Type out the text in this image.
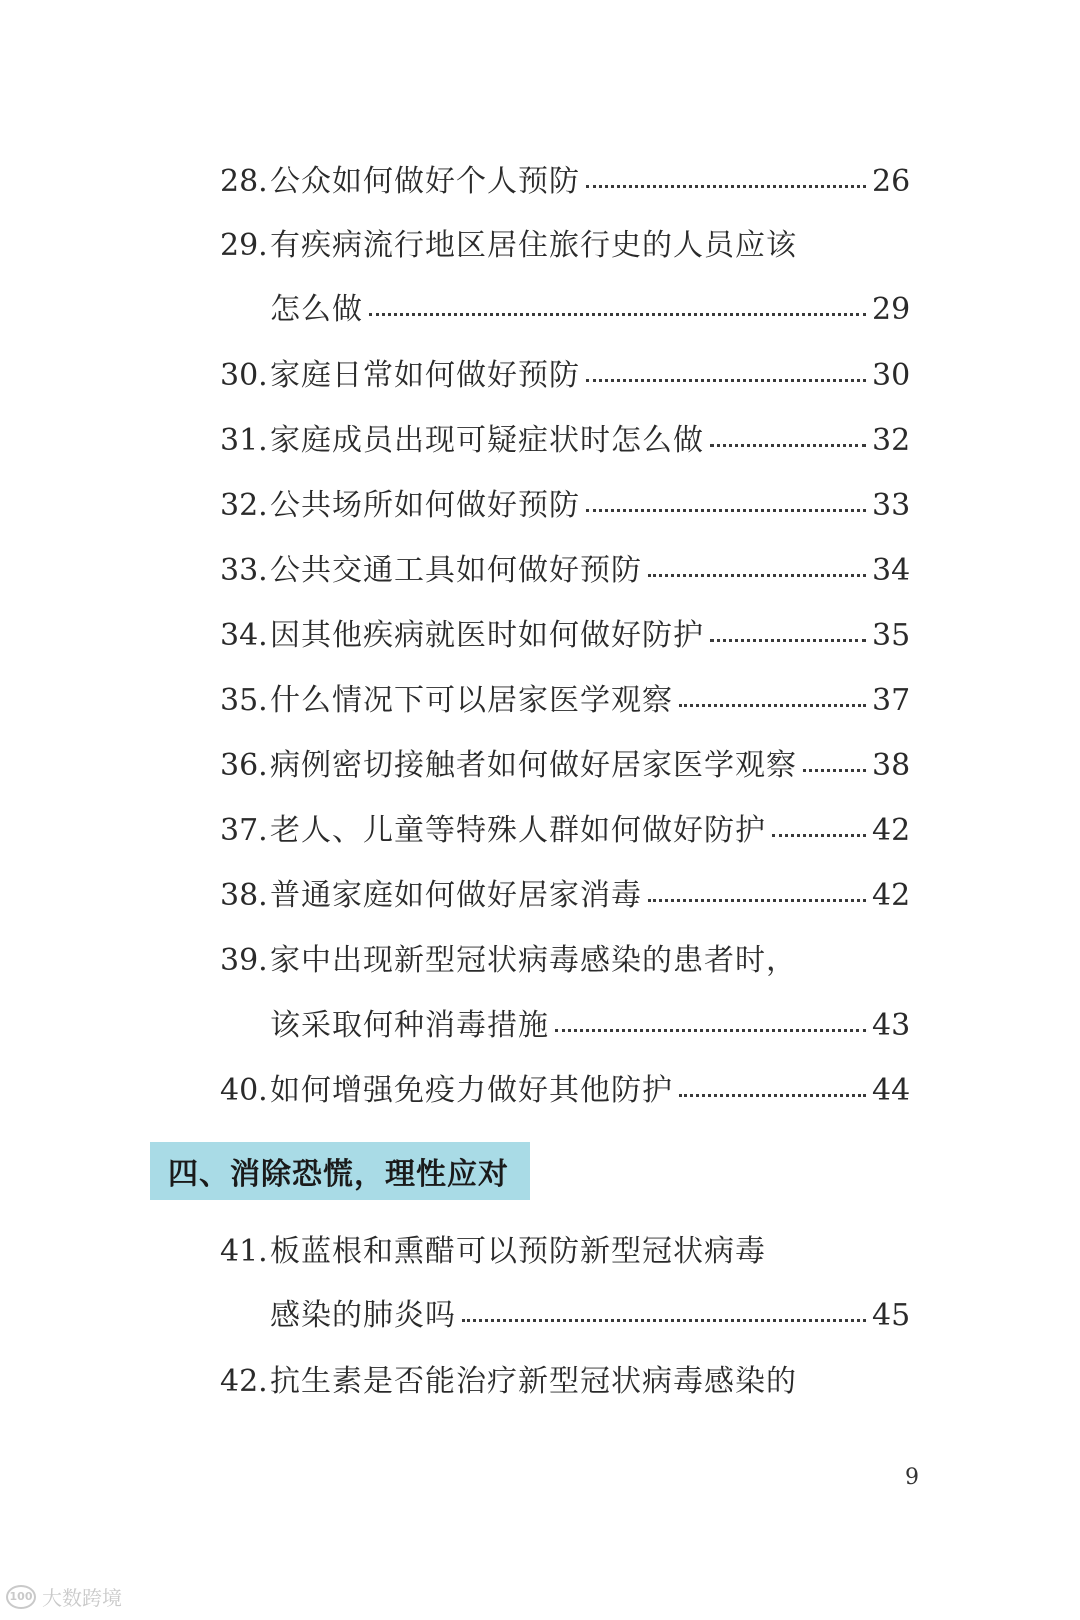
28. 公众如何做好个人预防	26
29. 有疾病流行地区居住旅行史的人员应该
怎么做	29
30. 家庭日常如何做好预防	30
31. 家庭成员出现可疑症状时怎么做	32
32. 公共场所如何做好预防	33
33. 公共交通工具如何做好预防	34
34. 因其他疾病就医时如何做好防护	35
35. 什么情况下可以居家医学观察	37
36. 病例密切接触者如何做好居家医学观察	38
37. 老人、儿童等特殊人群如何做好防护	42
38. 普通家庭如何做好居家消毒	42
39. 家中出现新型冠状病毒感染的患者时，
该采取何种消毒措施	43
40. 如何增强免疫力做好其他防护	44
41. 板蓝根和熏醋可以预防新型冠状病毒
感染的肺炎吗	45
42. 抗生素是否能治疗新型冠状病毒感染的
四、消除恐慌，理性应对
9
100 大数跨境
